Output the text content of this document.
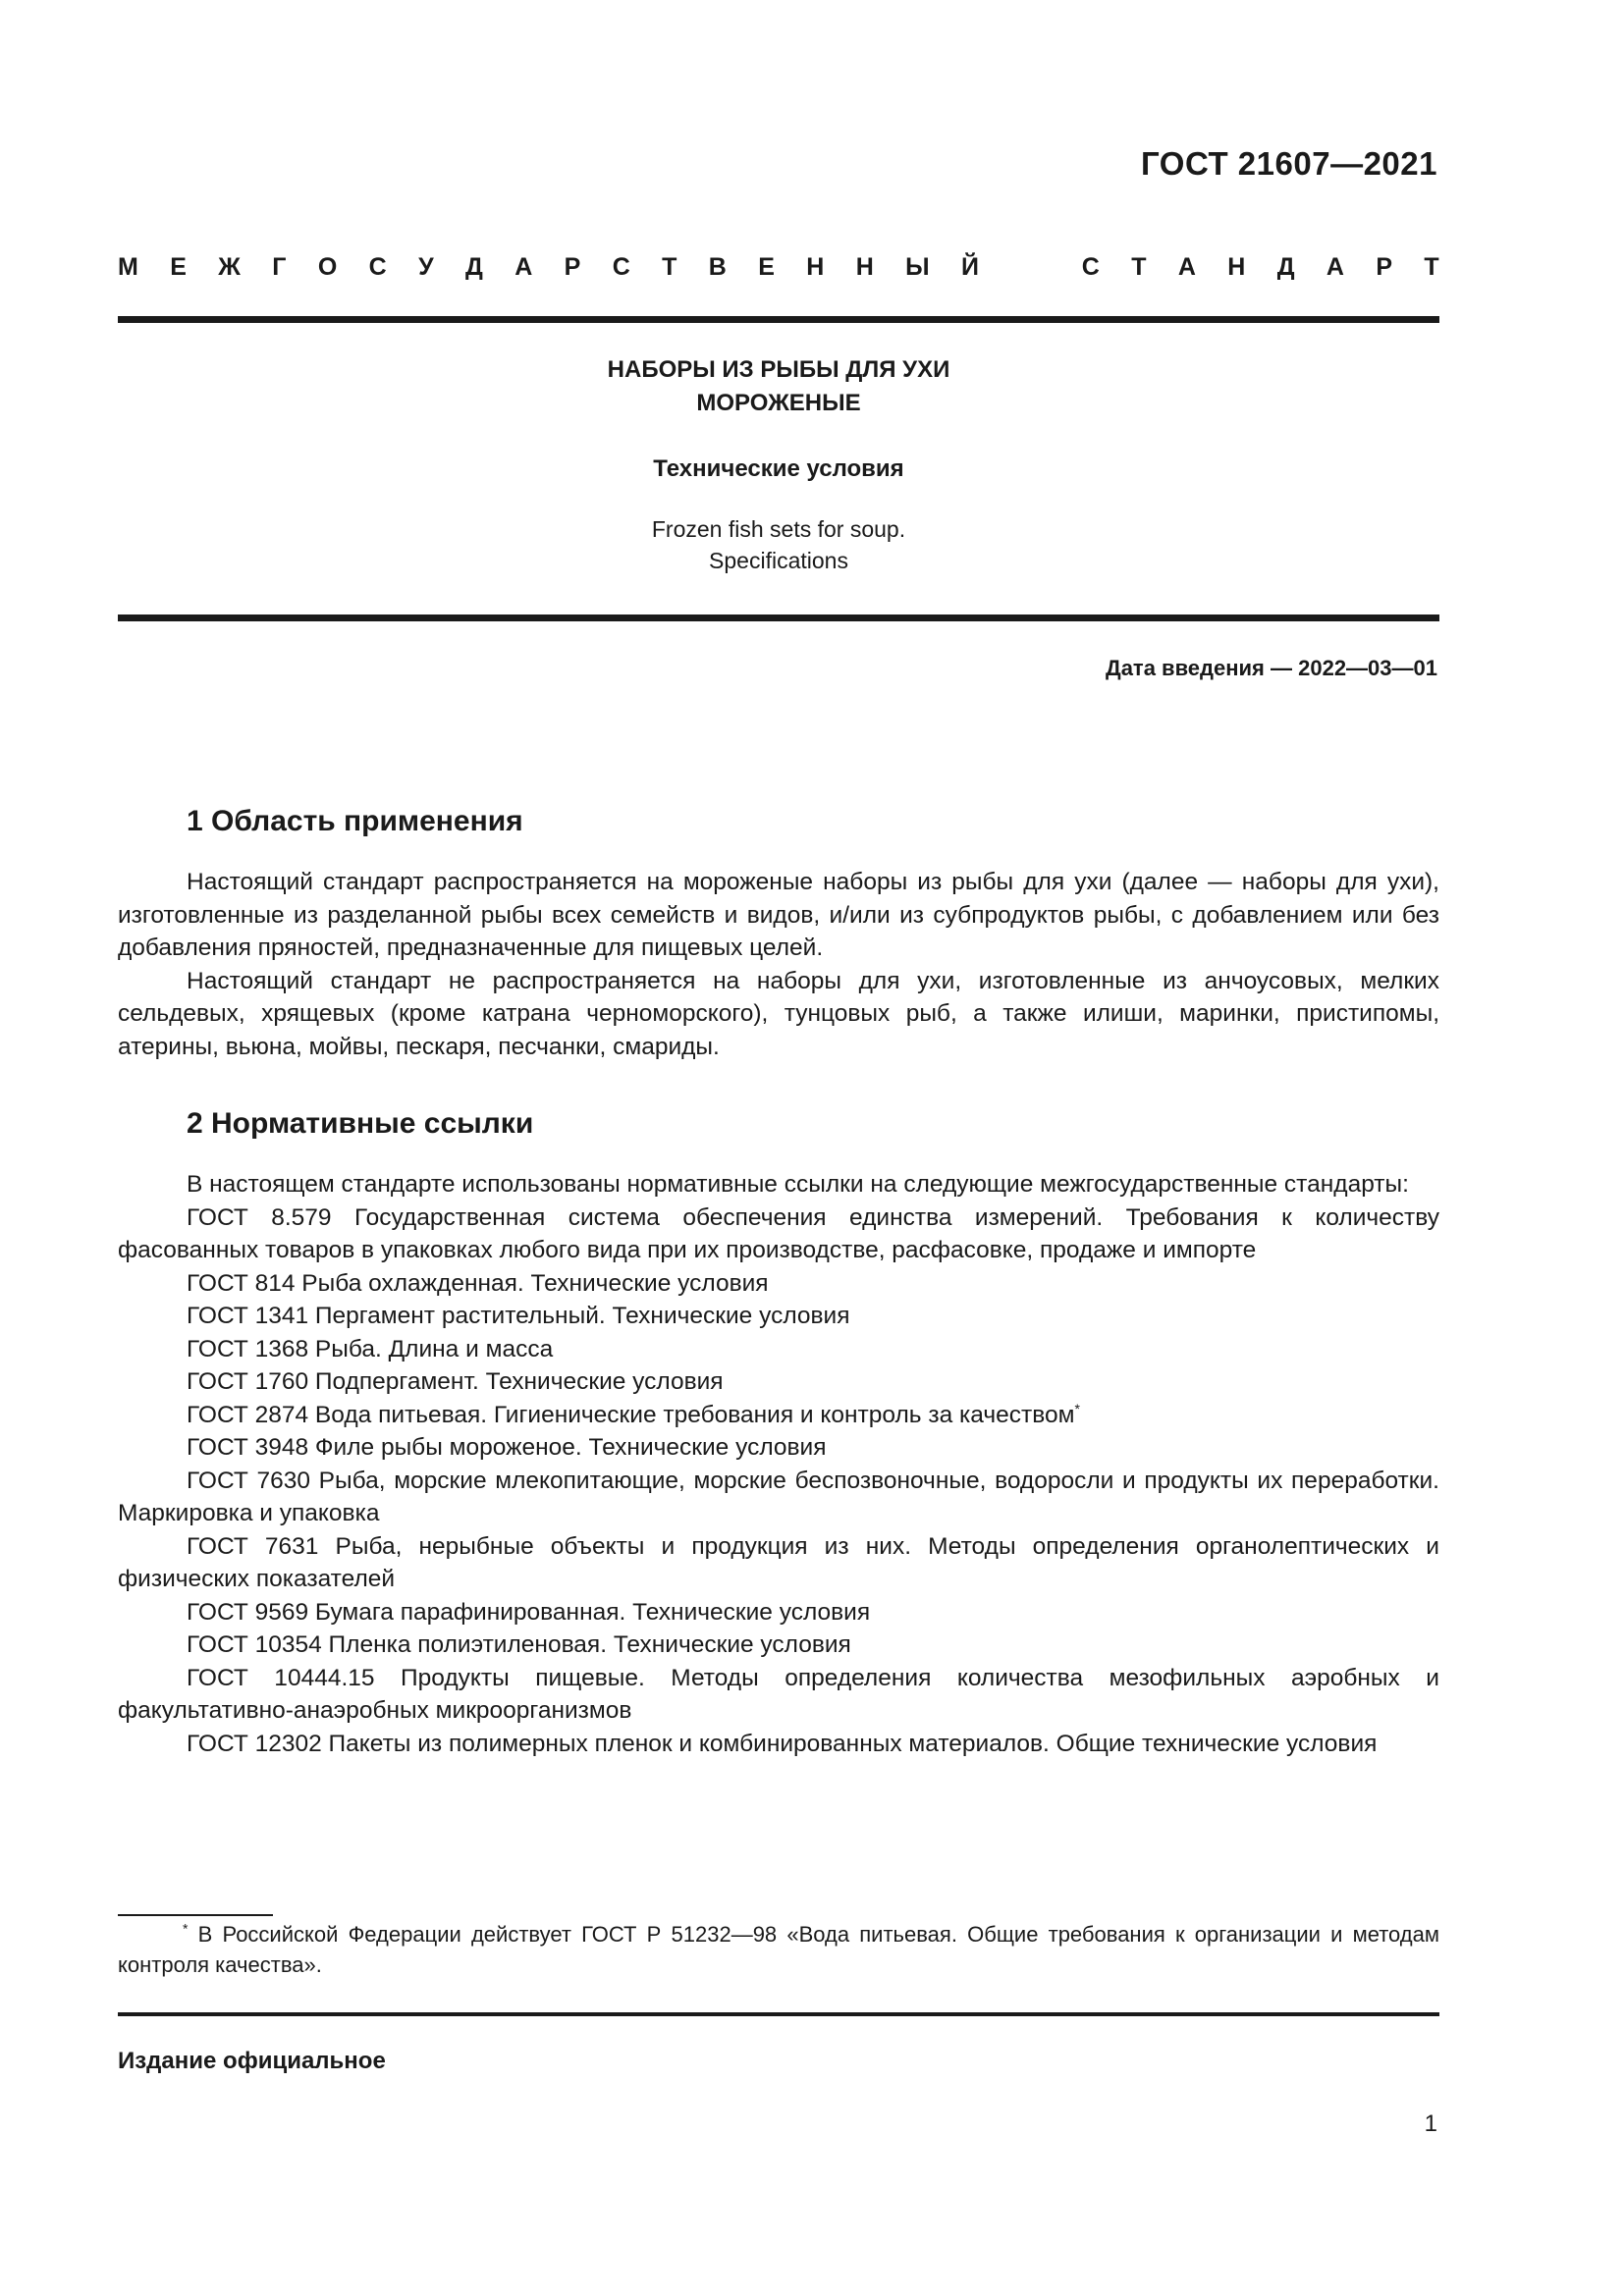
ГОСТ 21607—2021
М Е Ж Г О С У Д А Р С Т В Е Н Н Ы Й	С Т А Н Д А Р Т
НАБОРЫ ИЗ РЫБЫ ДЛЯ УХИ
МОРОЖЕНЫЕ
Технические условия
Frozen fish sets for soup.
Specifications
Дата введения — 2022—03—01
1 Область применения

Настоящий стандарт распространяется на мороженые наборы из рыбы для ухи (далее — наборы для ухи), изготовленные из разделанной рыбы всех семейств и видов, и/или из субпродуктов рыбы, с добавлением или без добавления пряностей, предназначенные для пищевых целей.

Настоящий стандарт не распространяется на наборы для ухи, изготовленные из анчоусовых, мелких сельдевых, хрящевых (кроме катрана черноморского), тунцовых рыб, а также илиши, маринки, пристипомы, атерины, вьюна, мойвы, пескаря, песчанки, смариды.

2 Нормативные ссылки

В настоящем стандарте использованы нормативные ссылки на следующие межгосударственные стандарты:

ГОСТ 8.579 Государственная система обеспечения единства измерений. Требования к количеству фасованных товаров в упаковках любого вида при их производстве, расфасовке, продаже и импорте

ГОСТ 814 Рыба охлажденная. Технические условия

ГОСТ 1341 Пергамент растительный. Технические условия

ГОСТ 1368 Рыба. Длина и масса

ГОСТ 1760 Подпергамент. Технические условия

ГОСТ 2874 Вода питьевая. Гигиенические требования и контроль за качеством*

ГОСТ 3948 Филе рыбы мороженое. Технические условия

ГОСТ 7630 Рыба, морские млекопитающие, морские беспозвоночные, водоросли и продукты их переработки. Маркировка и упаковка

ГОСТ 7631 Рыба, нерыбные объекты и продукция из них. Методы определения органолептических и физических показателей

ГОСТ 9569 Бумага парафинированная. Технические условия

ГОСТ 10354 Пленка полиэтиленовая. Технические условия

ГОСТ 10444.15 Продукты пищевые. Методы определения количества мезофильных аэробных и факультативно-анаэробных микроорганизмов

ГОСТ 12302 Пакеты из полимерных пленок и комбинированных материалов. Общие технические условия

* В Российской Федерации действует ГОСТ Р 51232—98 «Вода питьевая. Общие требования к организации и методам контроля качества».

Издание официальное
1
